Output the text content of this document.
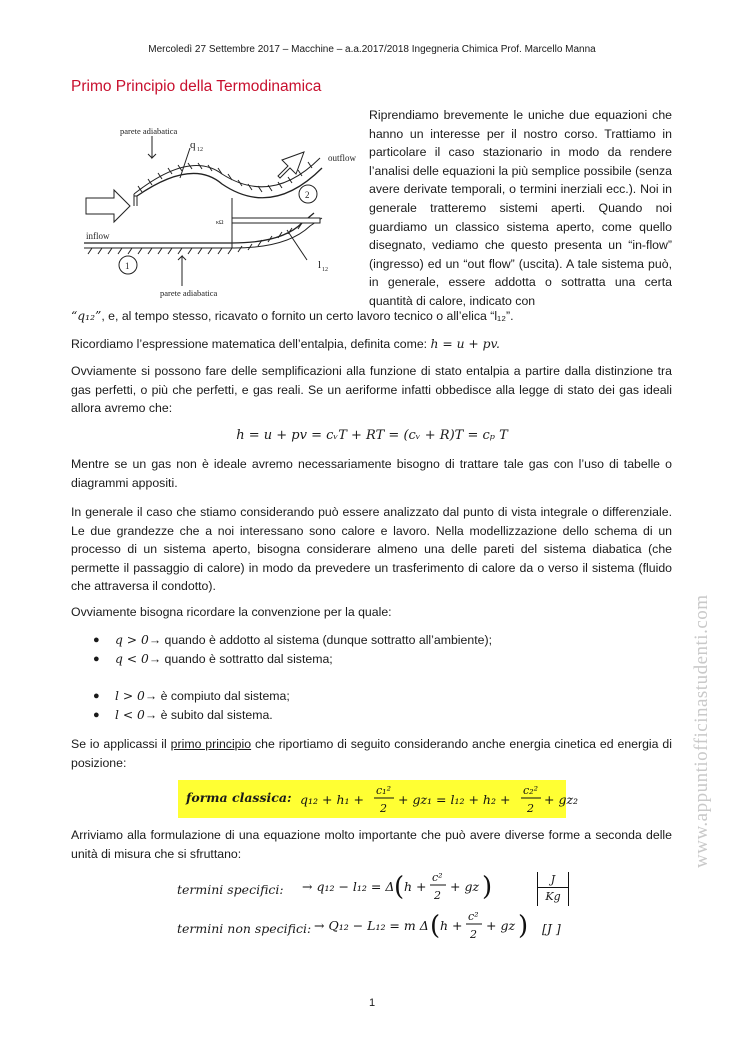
Mercoledì 27 Settembre 2017 – Macchine – a.a.2017/2018 Ingegneria Chimica Prof. Marcello Manna
Primo Principio della Termodinamica
parete adiabatica
q 12
outflow
inflow
2
1	l 12
parete adiabatica
κΩ
Riprendiamo brevemente le uniche due equazioni che hanno un interesse per il nostro corso. Trattiamo in particolare il caso stazionario in modo da rendere l’analisi delle equazioni la più semplice possibile (senza avere derivate temporali, o termini inerziali ecc.). Noi in generale tratteremo sistemi aperti. Quando noi guardiamo un classico sistema aperto, come quello disegnato, vediamo che questo presenta un “in-flow” (ingresso) ed un “out flow” (uscita). A tale sistema può, in generale, essere addotta o sottratta una certa quantità di calore, indicato con
“q₁₂”, e, al tempo stesso, ricavato o fornito un certo lavoro tecnico o all’elica “l₁₂”.
Ricordiamo l’espressione matematica dell’entalpia, definita come: h = u + pv.
Ovviamente si possono fare delle semplificazioni alla funzione di stato entalpia a partire dalla distinzione tra gas perfetti, o più che perfetti, e gas reali. Se un aeriforme infatti obbedisce alla legge di stato dei gas ideali allora avremo che:
h = u + pv = cᵥT + RT = (cᵥ + R)T = cₚ T
Mentre se un gas non è ideale avremo necessariamente bisogno di trattare tale gas con l’uso di tabelle o diagrammi appositi.
In generale il caso che stiamo considerando può essere analizzato dal punto di vista integrale o differenziale. Le due grandezze che a noi interessano sono calore e lavoro. Nella modellizzazione dello schema di un processo di un sistema aperto, bisogna considerare almeno una delle pareti del sistema diabatica (che permette il passaggio di calore) in modo da prevedere un trasferimento di calore da o verso il sistema (fluido che attraversa il condotto).
Ovviamente bisogna ricordare la convenzione per la quale:
●	q > 0 → quando è addotto al sistema (dunque sottratto all’ambiente);
●	q < 0 → quando è sottratto dal sistema;
●	l > 0 → è compiuto dal sistema;
●	l < 0 → è subito dal sistema.
Se io applicassi il primo principio che riportiamo di seguito considerando anche energia cinetica ed energia di posizione:
forma classica: q₁₂ + h₁ +
c₁²
2
+ gz₁ = l₁₂ + h₂ +
c₂²
2
+ gz₂
Arriviamo alla formulazione di una equazione molto importante che può avere diverse forme a seconda delle unità di misura che si sfruttano:
termini specifici: → q₁₂ − l₁₂ = Δ ( h +
c²
2
+ gz )	J
Kg
termini non specifici: → Q₁₂ − L₁₂ = m Δ ( h +
c²
2
+ gz ) [J ]
1
www.appuntiofficinastudenti.com
